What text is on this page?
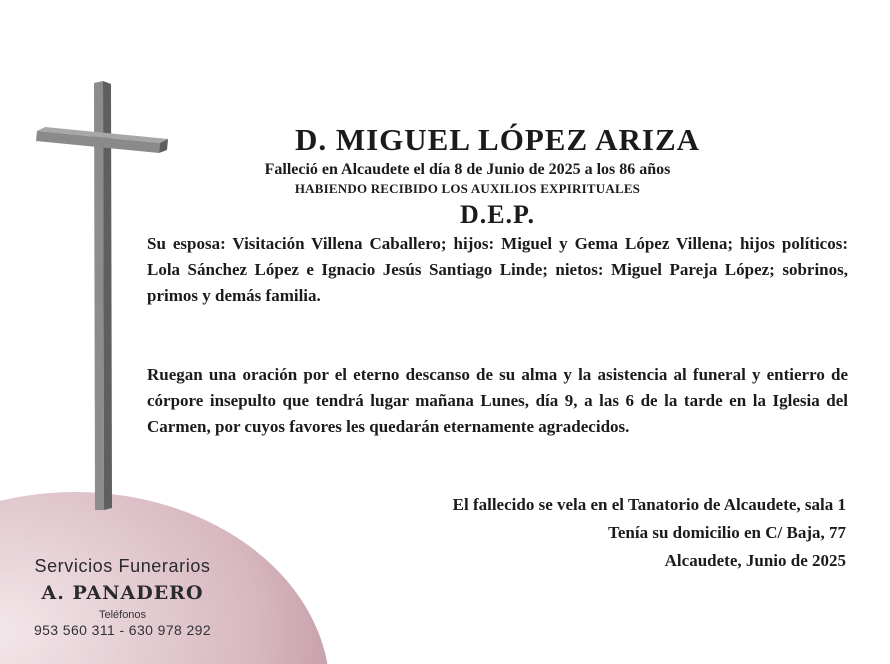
Servicios Funerarios
A. PANADERO
Teléfonos
953 560 311 - 630 978 292
D. MIGUEL LÓPEZ ARIZA
Falleció en Alcaudete el día 8 de Junio de 2025 a los 86 años
HABIENDO RECIBIDO LOS AUXILIOS EXPIRITUALES
D.E.P.
Su esposa: Visitación Villena Caballero; hijos: Miguel y Gema López Villena; hijos políticos: Lola Sánchez López e Ignacio Jesús Santiago Linde; nietos: Miguel Pareja López; sobrinos, primos y demás familia.
Ruegan una oración por el eterno descanso de su alma y la asistencia al funeral y entierro de córpore insepulto que tendrá lugar mañana Lunes, día 9, a las 6 de la tarde en la Iglesia del Carmen, por cuyos favores les quedarán eternamente agradecidos.
El fallecido se vela en el Tanatorio de Alcaudete, sala 1
Tenía su domicilio en C/ Baja, 77
Alcaudete, Junio de 2025
